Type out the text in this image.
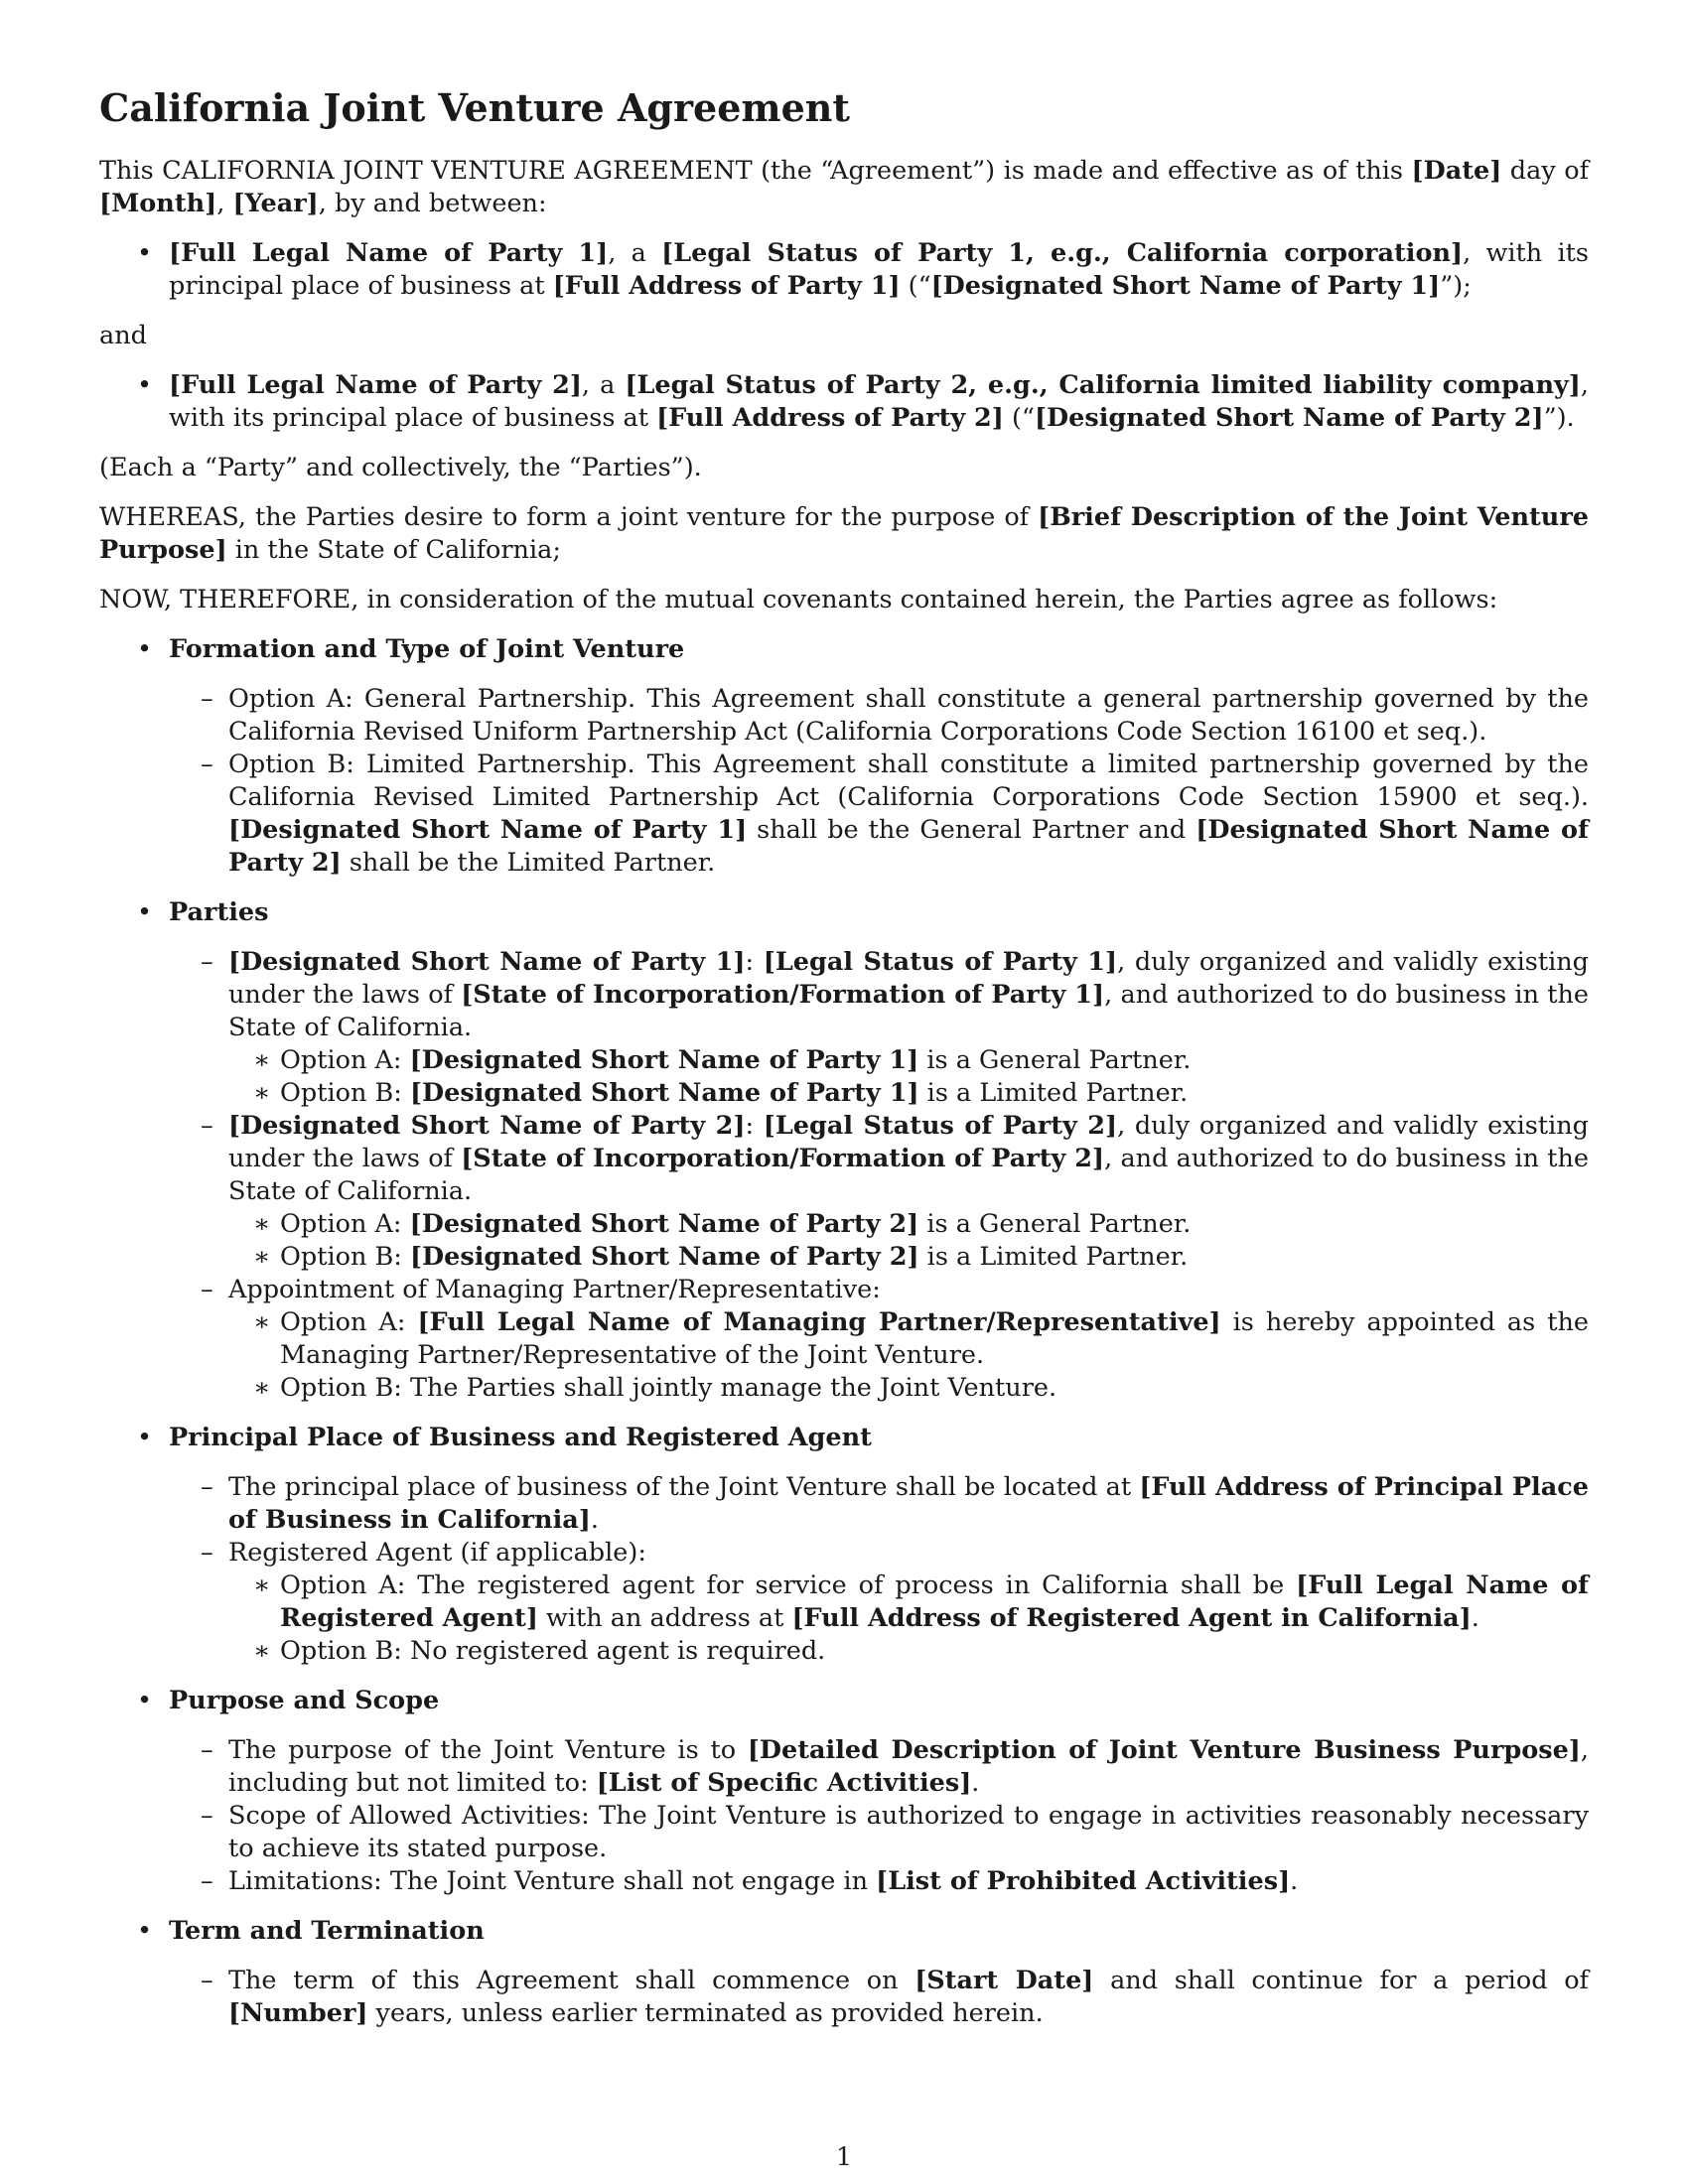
California Joint Venture Agreement

This CALIFORNIA JOINT VENTURE AGREEMENT (the “Agreement”) is made and effective as of this [Date] day of [Month], [Year], by and between:

• [Full Legal Name of Party 1], a [Legal Status of Party 1, e.g., California corporation], with its principal place of business at [Full Address of Party 1] (“[Designated Short Name of Party 1]”);

and

• [Full Legal Name of Party 2], a [Legal Status of Party 2, e.g., California limited liability company], with its principal place of business at [Full Address of Party 2] (“[Designated Short Name of Party 2]”).

(Each a “Party” and collectively, the “Parties”).

WHEREAS, the Parties desire to form a joint venture for the purpose of [Brief Description of the Joint Venture Purpose] in the State of California;

NOW, THEREFORE, in consideration of the mutual covenants contained herein, the Parties agree as follows:

• Formation and Type of Joint Venture
– Option A: General Partnership. This Agreement shall constitute a general partnership governed by the California Revised Uniform Partnership Act (California Corporations Code Section 16100 et seq.).
– Option B: Limited Partnership. This Agreement shall constitute a limited partnership governed by the California Revised Limited Partnership Act (California Corporations Code Section 15900 et seq.). [Designated Short Name of Party 1] shall be the General Partner and [Designated Short Name of Party 2] shall be the Limited Partner.
• Parties
– [Designated Short Name of Party 1]: [Legal Status of Party 1], duly organized and validly existing under the laws of [State of Incorporation/Formation of Party 1], and authorized to do business in the State of California.
∗ Option A: [Designated Short Name of Party 1] is a General Partner.
∗ Option B: [Designated Short Name of Party 1] is a Limited Partner.
– [Designated Short Name of Party 2]: [Legal Status of Party 2], duly organized and validly existing under the laws of [State of Incorporation/Formation of Party 2], and authorized to do business in the State of California.
∗ Option A: [Designated Short Name of Party 2] is a General Partner.
∗ Option B: [Designated Short Name of Party 2] is a Limited Partner.
– Appointment of Managing Partner/Representative:
∗ Option A: [Full Legal Name of Managing Partner/Representative] is hereby appointed as the Managing Partner/Representative of the Joint Venture.
∗ Option B: The Parties shall jointly manage the Joint Venture.
• Principal Place of Business and Registered Agent
– The principal place of business of the Joint Venture shall be located at [Full Address of Principal Place of Business in California].
– Registered Agent (if applicable):
∗ Option A: The registered agent for service of process in California shall be [Full Legal Name of Registered Agent] with an address at [Full Address of Registered Agent in California].
∗ Option B: No registered agent is required.
• Purpose and Scope
– The purpose of the Joint Venture is to [Detailed Description of Joint Venture Business Purpose], including but not limited to: [List of Specific Activities].
– Scope of Allowed Activities: The Joint Venture is authorized to engage in activities reasonably necessary to achieve its stated purpose.
– Limitations: The Joint Venture shall not engage in [List of Prohibited Activities].
• Term and Termination
– The term of this Agreement shall commence on [Start Date] and shall continue for a period of [Number] years, unless earlier terminated as provided herein.
1
